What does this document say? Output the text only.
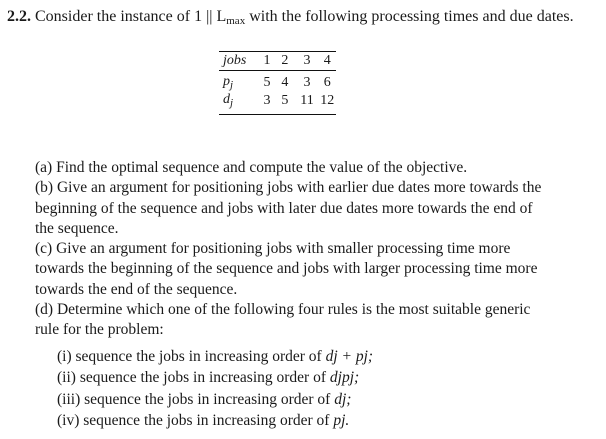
2.2. Consider the instance of 1 || $L_{max}$ with the following processing times and due dates.
jobs	1 2	3 4
$p_j$	5 4	3 6
$d_j$	3 5 11 12

(a) Find the optimal sequence and compute the value of the objective.

(b) Give an argument for positioning jobs with earlier due dates more towards the beginning of the sequence and jobs with later due dates more towards the end of the sequence.

(c) Give an argument for positioning jobs with smaller processing time more towards the beginning of the sequence and jobs with larger processing time more towards the end of the sequence.

(d) Determine which one of the following four rules is the most suitable generic rule for the problem:

(i) sequence the jobs in increasing order of dj + pj;
(ii) sequence the jobs in increasing order of djpj;
(iii) sequence the jobs in increasing order of dj;
(iv) sequence the jobs in increasing order of pj.
